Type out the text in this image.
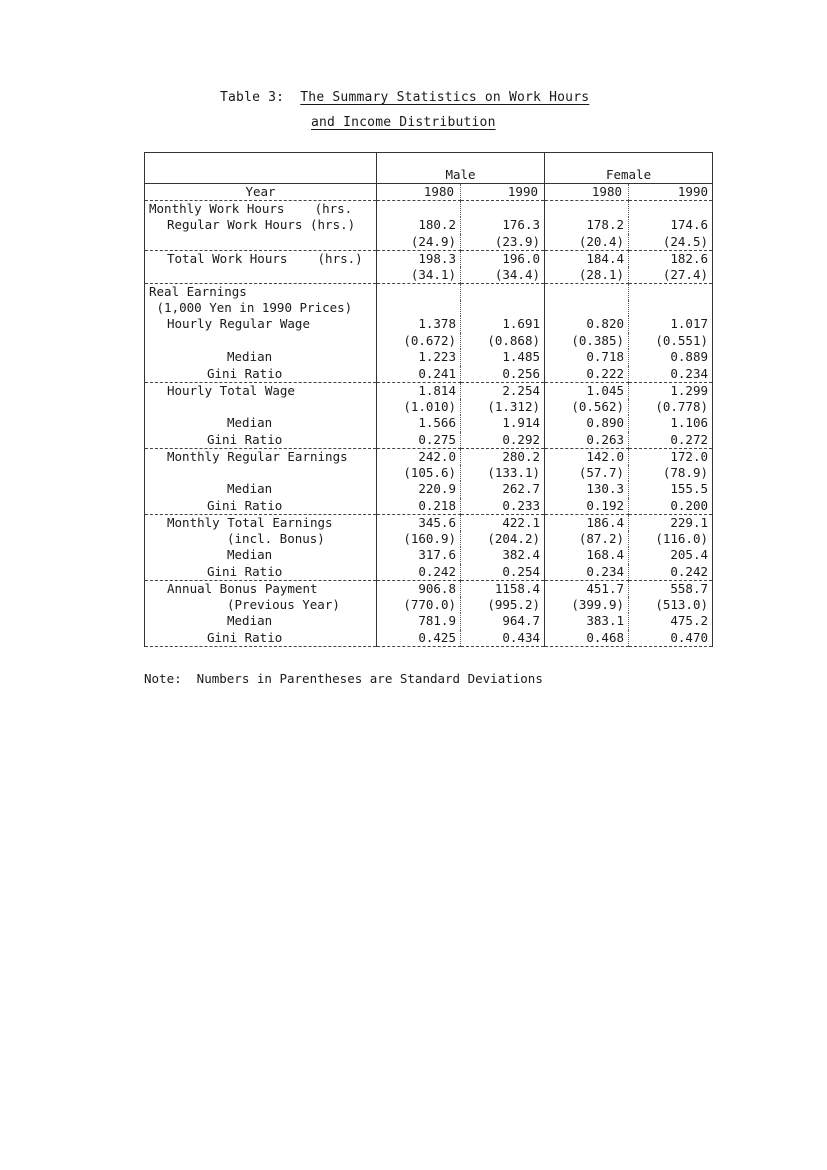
Table 3: The Summary Statistics on Work Hours
and Income Distribution
	Male		Female	
Year	1980	1990	1980	1990
Monthly Work Hours    (hrs.				
Regular Work Hours (hrs.)	180.2	176.3	178.2	174.6
	(24.9)	(23.9)	(20.4)	(24.5)
Total Work Hours    (hrs.)	198.3	196.0	184.4	182.6
	(34.1)	(34.4)	(28.1)	(27.4)
Real Earnings				
(1,000 Yen in 1990 Prices)				
Hourly Regular Wage	1.378	1.691	0.820	1.017
	(0.672)	(0.868)	(0.385)	(0.551)
Median	1.223	1.485	0.718	0.889
Gini Ratio	0.241	0.256	0.222	0.234
Hourly Total Wage	1.814	2.254	1.045	1.299
	(1.010)	(1.312)	(0.562)	(0.778)
Median	1.566	1.914	0.890	1.106
Gini Ratio	0.275	0.292	0.263	0.272
Monthly Regular Earnings	242.0	280.2	142.0	172.0
	(105.6)	(133.1)	(57.7)	(78.9)
Median	220.9	262.7	130.3	155.5
Gini Ratio	0.218	0.233	0.192	0.200
Monthly Total Earnings	345.6	422.1	186.4	229.1
(incl. Bonus)	(160.9)	(204.2)	(87.2)	(116.0)
Median	317.6	382.4	168.4	205.4
Gini Ratio	0.242	0.254	0.234	0.242
Annual Bonus Payment	906.8	1158.4	451.7	558.7
(Previous Year)	(770.0)	(995.2)	(399.9)	(513.0)
Median	781.9	964.7	383.1	475.2
Gini Ratio	0.425	0.434	0.468	0.470
Note:  Numbers in Parentheses are Standard Deviations
